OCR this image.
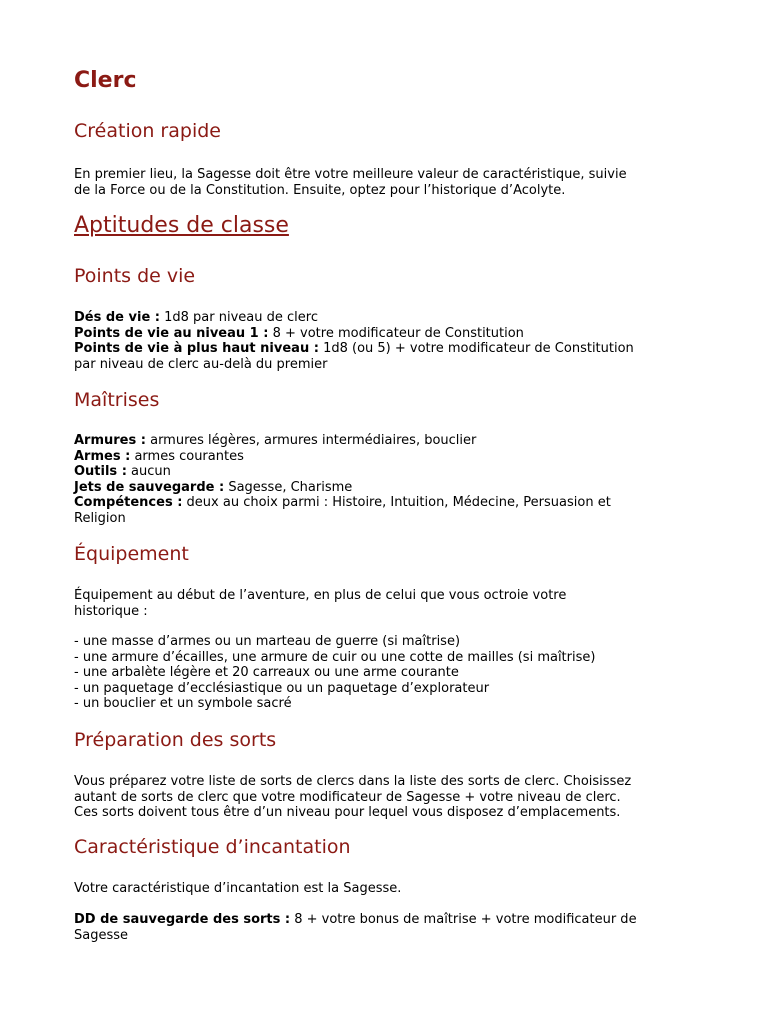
Clerc
Création rapide
En premier lieu, la Sagesse doit être votre meilleure valeur de caractéristique, suivie
de la Force ou de la Constitution. Ensuite, optez pour l’historique d’Acolyte.
Aptitudes de classe
Points de vie
Dés de vie : 1d8 par niveau de clerc
Points de vie au niveau 1 : 8 + votre modificateur de Constitution
Points de vie à plus haut niveau : 1d8 (ou 5) + votre modificateur de Constitution
par niveau de clerc au-delà du premier
Maîtrises
Armures : armures légères, armures intermédiaires, bouclier
Armes : armes courantes
Outils : aucun
Jets de sauvegarde : Sagesse, Charisme
Compétences : deux au choix parmi : Histoire, Intuition, Médecine, Persuasion et
Religion
Équipement
Équipement au début de l’aventure, en plus de celui que vous octroie votre
historique :
- une masse d’armes ou un marteau de guerre (si maîtrise)
- une armure d’écailles, une armure de cuir ou une cotte de mailles (si maîtrise)
- une arbalète légère et 20 carreaux ou une arme courante
- un paquetage d’ecclésiastique ou un paquetage d’explorateur
- un bouclier et un symbole sacré
Préparation des sorts
Vous préparez votre liste de sorts de clercs dans la liste des sorts de clerc. Choisissez
autant de sorts de clerc que votre modificateur de Sagesse + votre niveau de clerc.
Ces sorts doivent tous être d’un niveau pour lequel vous disposez d’emplacements.
Caractéristique d’incantation
Votre caractéristique d’incantation est la Sagesse.
DD de sauvegarde des sorts : 8 + votre bonus de maîtrise + votre modificateur de
Sagesse
